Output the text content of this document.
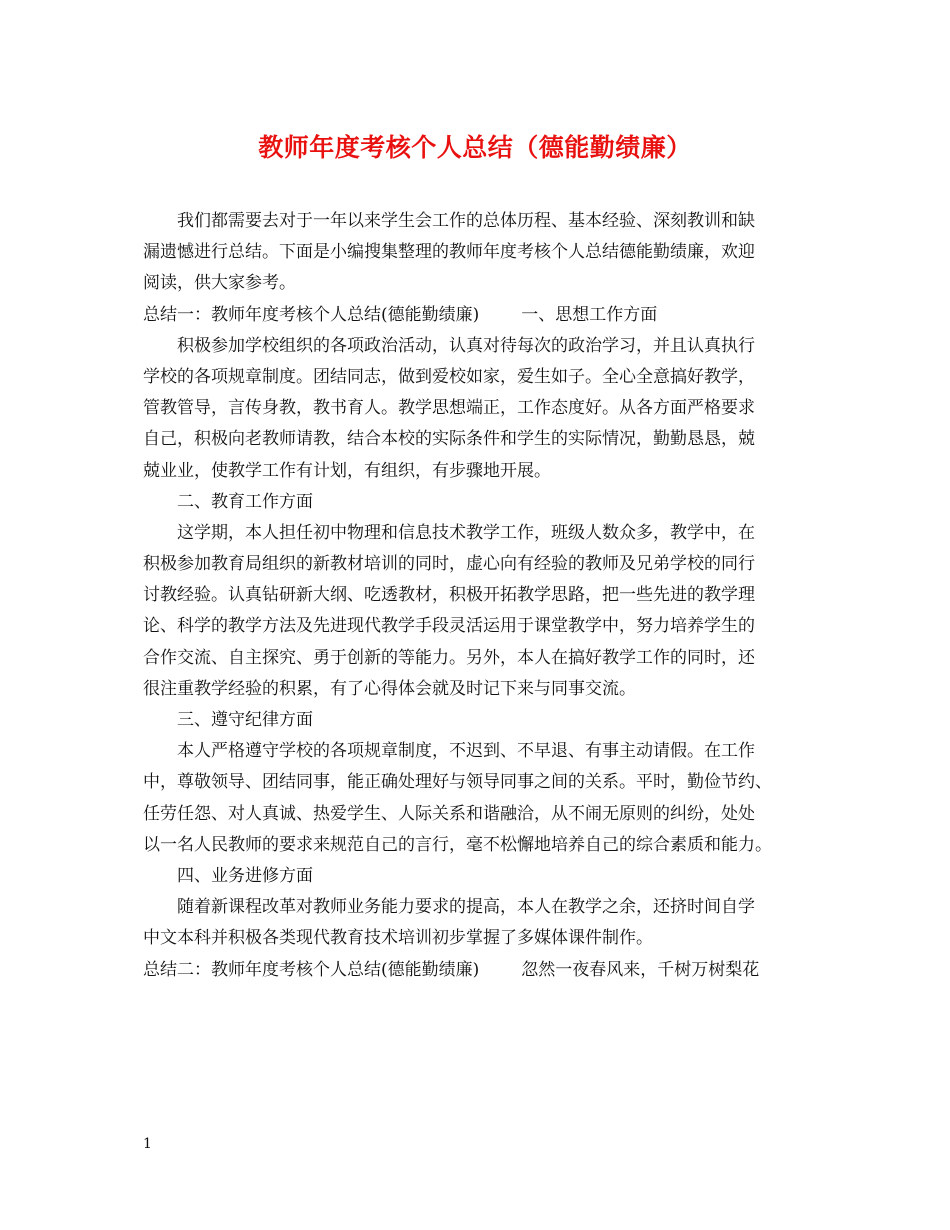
教师年度考核个人总结（德能勤绩廉）
我们都需要去对于一年以来学生会工作的总体历程、基本经验、深刻教训和缺
漏遗憾进行总结。下面是小编搜集整理的教师年度考核个人总结德能勤绩廉，欢迎
阅读，供大家参考。
总结一：教师年度考核个人总结(德能勤绩廉) 一、思想工作方面
积极参加学校组织的各项政治活动，认真对待每次的政治学习，并且认真执行
学校的各项规章制度。团结同志，做到爱校如家，爱生如子。全心全意搞好教学，
管教管导，言传身教，教书育人。教学思想端正，工作态度好。从各方面严格要求
自己，积极向老教师请教，结合本校的实际条件和学生的实际情况，勤勤恳恳，兢
兢业业，使教学工作有计划，有组织，有步骤地开展。
二、教育工作方面
这学期，本人担任初中物理和信息技术教学工作，班级人数众多，教学中，在
积极参加教育局组织的新教材培训的同时，虚心向有经验的教师及兄弟学校的同行
讨教经验。认真钻研新大纲、吃透教材，积极开拓教学思路，把一些先进的教学理
论、科学的教学方法及先进现代教学手段灵活运用于课堂教学中，努力培养学生的
合作交流、自主探究、勇于创新的等能力。另外，本人在搞好教学工作的同时，还
很注重教学经验的积累，有了心得体会就及时记下来与同事交流。
三、遵守纪律方面
本人严格遵守学校的各项规章制度，不迟到、不早退、有事主动请假。在工作
中，尊敬领导、团结同事，能正确处理好与领导同事之间的关系。平时，勤俭节约、
任劳任怨、对人真诚、热爱学生、人际关系和谐融洽，从不闹无原则的纠纷，处处
以一名人民教师的要求来规范自己的言行，毫不松懈地培养自己的综合素质和能力。
四、业务进修方面
随着新课程改革对教师业务能力要求的提高，本人在教学之余，还挤时间自学
中文本科并积极各类现代教育技术培训初步掌握了多媒体课件制作。
总结二：教师年度考核个人总结(德能勤绩廉) 忽然一夜春风来，千树万树梨花
1
